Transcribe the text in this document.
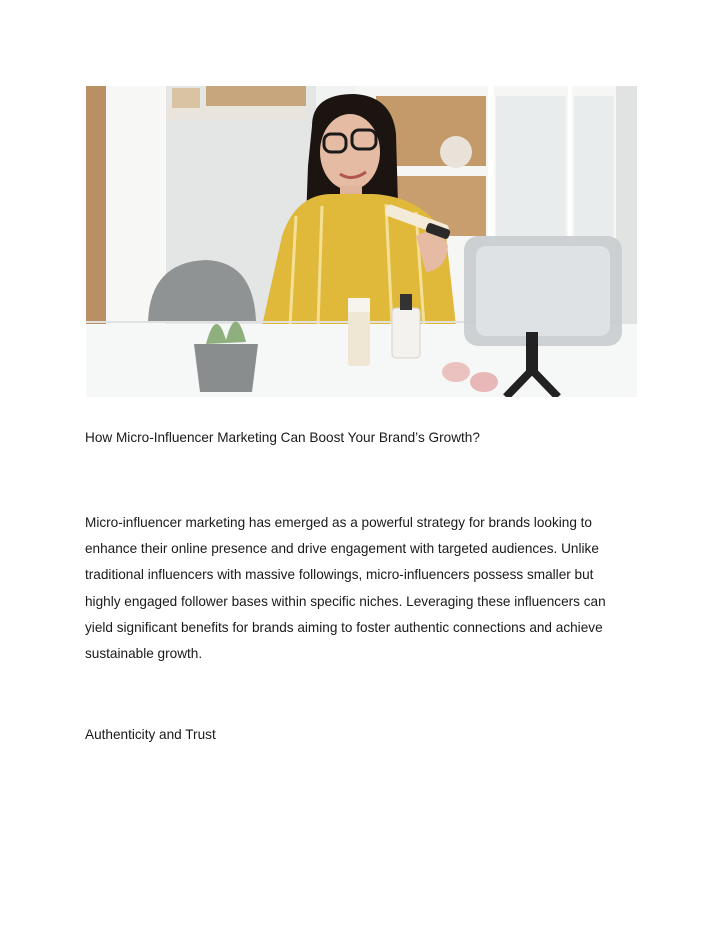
How Micro-Influencer Marketing Can Boost Your Brand’s Growth?
Micro-influencer marketing has emerged as a powerful strategy for brands looking to
enhance their online presence and drive engagement with targeted audiences. Unlike
traditional influencers with massive followings, micro-influencers possess smaller but
highly engaged follower bases within specific niches. Leveraging these influencers can
yield significant benefits for brands aiming to foster authentic connections and achieve
sustainable growth.
Authenticity and Trust
